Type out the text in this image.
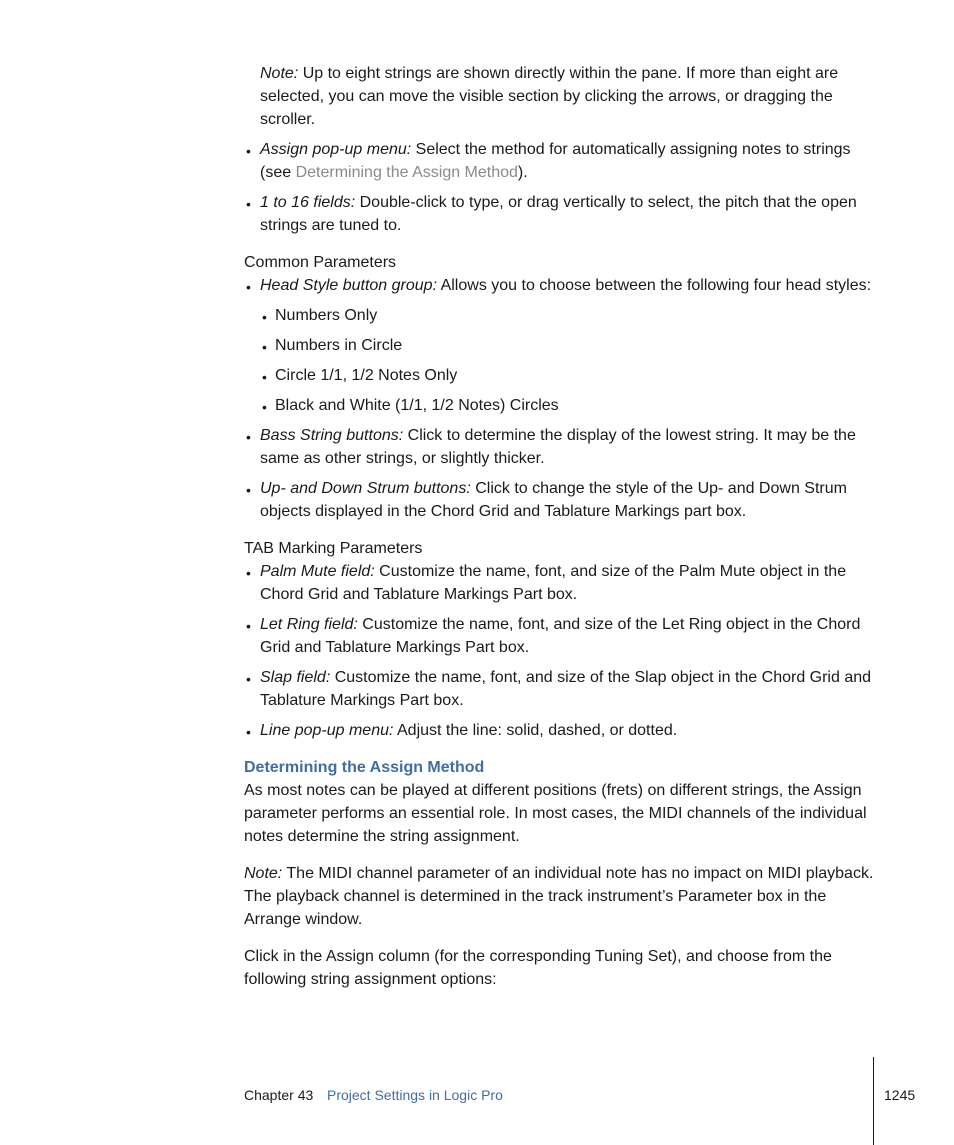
Note: Up to eight strings are shown directly within the pane. If more than eight are selected, you can move the visible section by clicking the arrows, or dragging the scroller.

• Assign pop-up menu: Select the method for automatically assigning notes to strings (see Determining the Assign Method).

• 1 to 16 fields: Double-click to type, or drag vertically to select, the pitch that the open strings are tuned to.

Common Parameters
• Head Style button group: Allows you to choose between the following four head styles:

• Numbers Only

• Numbers in Circle

• Circle 1/1, 1/2 Notes Only

• Black and White (1/1, 1/2 Notes) Circles

• Bass String buttons: Click to determine the display of the lowest string. It may be the same as other strings, or slightly thicker.

• Up- and Down Strum buttons: Click to change the style of the Up- and Down Strum objects displayed in the Chord Grid and Tablature Markings part box.

TAB Marking Parameters
• Palm Mute field: Customize the name, font, and size of the Palm Mute object in the Chord Grid and Tablature Markings Part box.

• Let Ring field: Customize the name, font, and size of the Let Ring object in the Chord Grid and Tablature Markings Part box.

• Slap field: Customize the name, font, and size of the Slap object in the Chord Grid and Tablature Markings Part box.

• Line pop-up menu: Adjust the line: solid, dashed, or dotted.

Determining the Assign Method

As most notes can be played at different positions (frets) on different strings, the Assign parameter performs an essential role. In most cases, the MIDI channels of the individual notes determine the string assignment.

Note: The MIDI channel parameter of an individual note has no impact on MIDI playback. The playback channel is determined in the track instrument’s Parameter box in the Arrange window.

Click in the Assign column (for the corresponding Tuning Set), and choose from the following string assignment options:

Chapter 43 Project Settings in Logic Pro	1245
